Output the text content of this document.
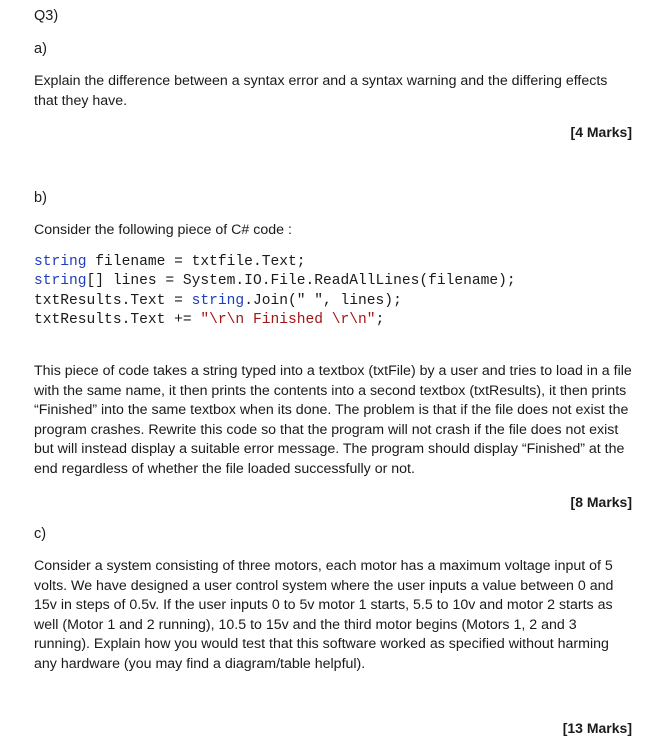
Q3)
a)
Explain the difference between a syntax error and a syntax warning and the differing effects that they have.
[4 Marks]
b)
Consider the following piece of C# code :
string filename = txtfile.Text;
string[] lines = System.IO.File.ReadAllLines(filename);
txtResults.Text = string.Join(" ", lines);
txtResults.Text += "\r\n Finished \r\n";
This piece of code takes a string typed into a textbox (txtFile) by a user and tries to load in a file with the same name, it then prints the contents into a second textbox (txtResults), it then prints “Finished” into the same textbox when its done. The problem is that if the file does not exist the program crashes. Rewrite this code so that the program will not crash if the file does not exist but will instead display a suitable error message. The program should display “Finished” at the end regardless of whether the file loaded successfully or not.
[8 Marks]
c)
Consider a system consisting of three motors, each motor has a maximum voltage input of 5 volts. We have designed a user control system where the user inputs a value between 0 and 15v in steps of 0.5v. If the user inputs 0 to 5v motor 1 starts, 5.5 to 10v and motor 2 starts as well (Motor 1 and 2 running), 10.5 to 15v and the third motor begins (Motors 1, 2 and 3 running). Explain how you would test that this software worked as specified without harming any hardware (you may find a diagram/table helpful).
[13 Marks]
